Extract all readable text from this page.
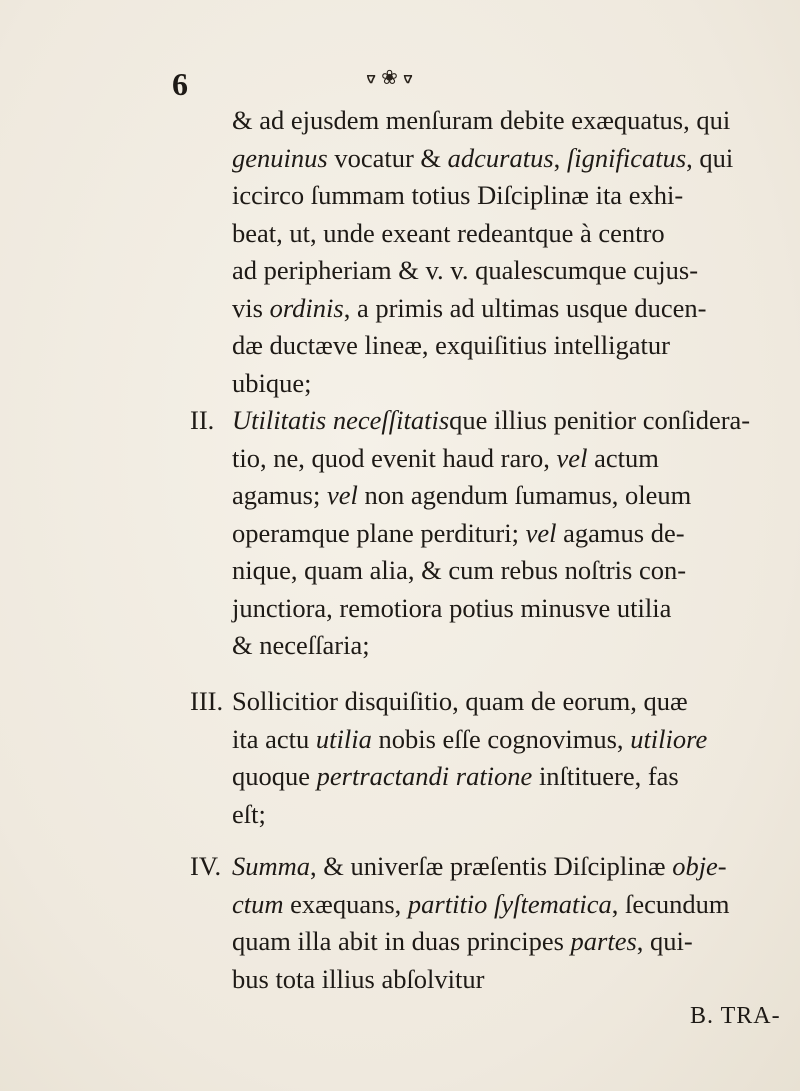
6	ᢦ ❀ ᢦ
& ad ejusdem menſuram debite exæquatus, qui
genuinus vocatur & adcuratus, ſignificatus, qui
iccirco ſummam totius Diſciplinæ ita exhi-
beat, ut, unde exeant redeantque à centro
ad peripheriam & v. v. qualescumque cujus-
vis ordinis, a primis ad ultimas usque ducen-
dæ ductæve lineæ, exquiſitius intelligatur
ubique;
II. Utilitatis neceſſitatisque illius penitior conſidera-
tio, ne, quod evenit haud raro, vel actum
agamus; vel non agendum ſumamus, oleum
operamque plane perdituri; vel agamus de-
nique, quam alia, & cum rebus noſtris con-
junctiora, remotiora potius minusve utilia
& neceſſaria;
III. Sollicitior disquiſitio, quam de eorum, quæ
ita actu utilia nobis eſſe cognovimus, utiliore
quoque pertractandi ratione inſtituere, fas
eſt;
IV. Summa, & univerſæ præſentis Diſciplinæ obje-
ctum exæquans, partitio ſyſtematica, ſecundum
quam illa abit in duas principes partes, qui-
bus tota illius abſolvitur
B. TRA-
